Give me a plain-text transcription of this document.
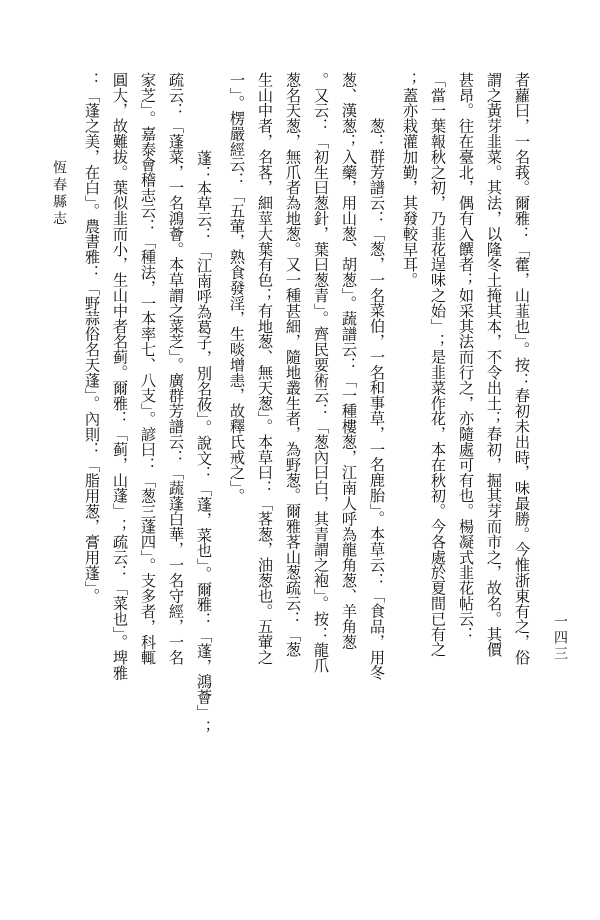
者蘿曰，一名莪。爾雅：「藿，山韮也」。按：春初未出時，味最勝。今惟浙東有之，俗
謂之黃芽韭菜。其法，以隆冬土掩其本，不令出土；春初，掘其芽而市之，故名。其價
甚昂。往在臺北，偶有入饌者；如采其法而行之，亦隨處可有也。楊凝式韭花帖云：
「當一葉報秋之初，乃韭花逞味之始」；是韭菜作花，本在秋初。今各處於夏間已有之
；蓋亦栽灌加勤，其發較早耳。
葱：群芳譜云：「葱，一名菜伯，一名和事草，一名鹿胎」。本草云：「食品，用冬
葱、漢葱；入藥，用山葱、胡葱」。蔬譜云：「一種樓葱，江南人呼為龍角葱、羊角葱
。又云：「初生曰葱針，葉曰葱青」。齊民要術云：「葱內曰白，其青謂之袍」。按：龍爪
葱名天葱，無爪者為地葱。又一種甚細，隨地叢生者，為野葱。爾雅茖山葱疏云：「葱
生山中者，名茖，細莖大葉有色；有地葱、無天葱」。本草曰：「茖葱，油葱也。五葷之
一」。楞嚴經云：「五葷，熟食發淫，生啖增恚，故釋氏戒之」。
蓬：本草云：「江南呼為葛子，別名莜」。說文：「蓬，菜也」。爾雅：「蓬，鴻薈」；
疏云：「蓬菜，一名鴻薈。本草謂之菜芝」。廣群芳譜云：「蔬蓬白華，一名守經，一名
家芝」。嘉泰會稽志云：「種法，一本率七、八支」。諺曰：「葱三蓬四」。支多者，科輒
圓大，故難拔。葉似韭而小，生山中者名蓟。爾雅：「蓟，山蓬」；疏云：「菜也」。埤雅
：「蓬之美，在白」。農書雅：「野蒜俗名天蓬」。內則：「脂用葱，膏用蓬」。
恆春縣志
一四三
